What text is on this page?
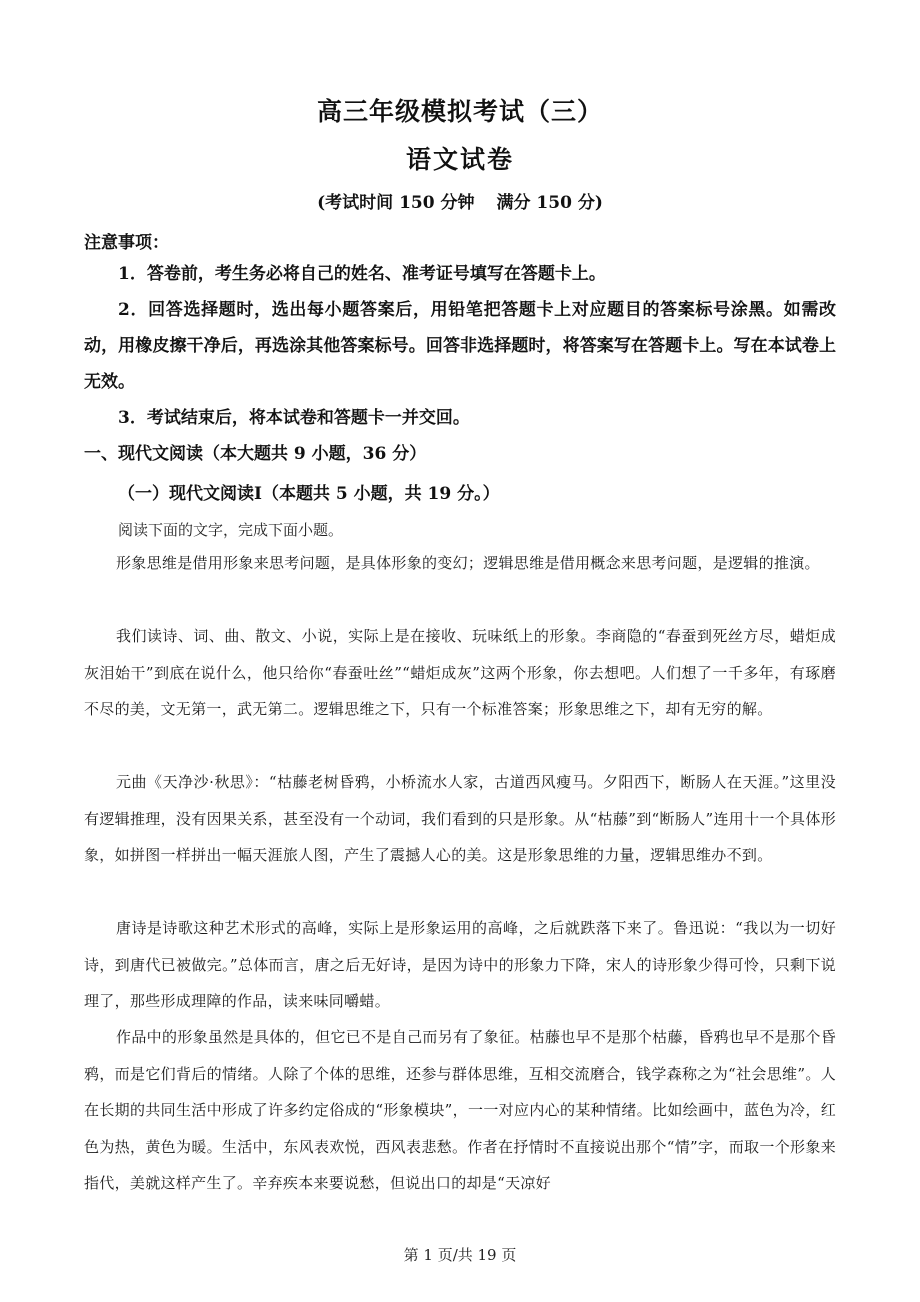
高三年级模拟考试（三）
语文试卷
(考试时间 150 分钟 满分 150 分)
注意事项：
1．答卷前，考生务必将自己的姓名、准考证号填写在答题卡上。
2．回答选择题时，选出每小题答案后，用铅笔把答题卡上对应题目的答案标号涂黑。如需改动，用橡皮擦干净后，再选涂其他答案标号。回答非选择题时，将答案写在答题卡上。写在本试卷上无效。
3．考试结束后，将本试卷和答题卡一并交回。
一、现代文阅读（本大题共 9 小题，36 分）
（一）现代文阅读Ⅰ（本题共 5 小题，共 19 分。）
阅读下面的文字，完成下面小题。
形象思维是借用形象来思考问题，是具体形象的变幻；逻辑思维是借用概念来思考问题，是逻辑的推演。
我们读诗、词、曲、散文、小说，实际上是在接收、玩味纸上的形象。李商隐的“春蚕到死丝方尽，蜡炬成灰泪始干”到底在说什么，他只给你“春蚕吐丝”“蜡炬成灰”这两个形象，你去想吧。人们想了一千多年，有琢磨不尽的美，文无第一，武无第二。逻辑思维之下，只有一个标准答案；形象思维之下，却有无穷的解。
元曲《天净沙·秋思》：“枯藤老树昏鸦，小桥流水人家，古道西风瘦马。夕阳西下，断肠人在天涯。”这里没有逻辑推理，没有因果关系，甚至没有一个动词，我们看到的只是形象。从“枯藤”到“断肠人”连用十一个具体形象，如拼图一样拼出一幅天涯旅人图，产生了震撼人心的美。这是形象思维的力量，逻辑思维办不到。
唐诗是诗歌这种艺术形式的高峰，实际上是形象运用的高峰，之后就跌落下来了。鲁迅说：“我以为一切好诗，到唐代已被做完。”总体而言，唐之后无好诗，是因为诗中的形象力下降，宋人的诗形象少得可怜，只剩下说理了，那些形成理障的作品，读来味同嚼蜡。
作品中的形象虽然是具体的，但它已不是自己而另有了象征。枯藤也早不是那个枯藤，昏鸦也早不是那个昏鸦，而是它们背后的情绪。人除了个体的思维，还参与群体思维，互相交流磨合，钱学森称之为“社会思维”。人在长期的共同生活中形成了许多约定俗成的“形象模块”，一一对应内心的某种情绪。比如绘画中，蓝色为冷，红色为热，黄色为暖。生活中，东风表欢悦，西风表悲愁。作者在抒情时不直接说出那个“情”字，而取一个形象来指代，美就这样产生了。辛弃疾本来要说愁，但说出口的却是“天凉好
第 1 页/共 19 页
